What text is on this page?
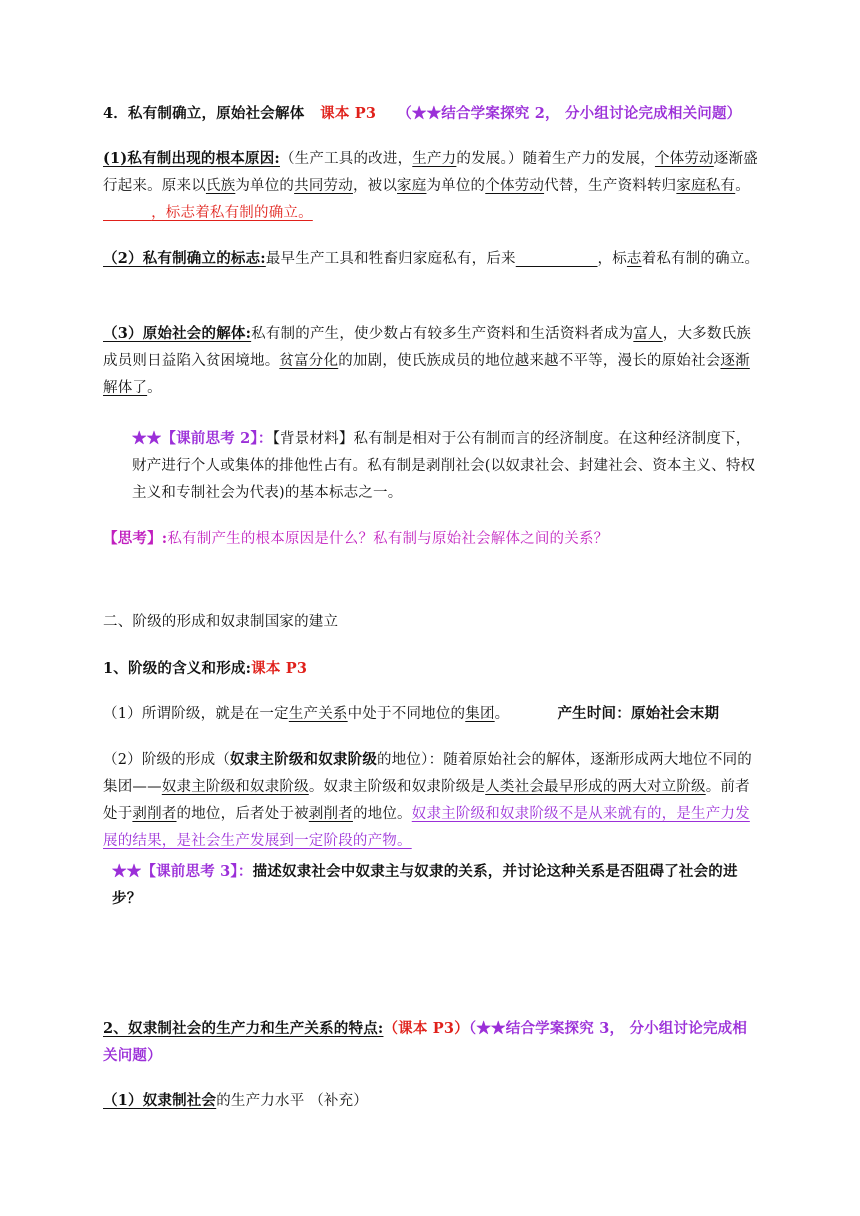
4．私有制确立，原始社会解体 课本 P3 （★★结合学案探究 2， 分小组讨论完成相关问题）
(1)私有制出现的根本原因:（生产工具的改进，生产力的发展。）随着生产力的发展，个体劳动逐渐盛行起来。原来以氏族为单位的共同劳动，被以家庭为单位的个体劳动代替，生产资料转归家庭私有。          ，标志着私有制的确立。
（2）私有制确立的标志:最早生产工具和牲畜归家庭私有，后来	，标志着私有制的确立。
（3）原始社会的解体:私有制的产生，使少数占有较多生产资料和生活资料者成为富人，大多数氏族成员则日益陷入贫困境地。贫富分化的加剧，使氏族成员的地位越来越不平等，漫长的原始社会逐渐解体了。
★★【课前思考 2】：【背景材料】私有制是相对于公有制而言的经济制度。在这种经济制度下，财产进行个人或集体的排他性占有。私有制是剥削社会(以奴隶社会、封建社会、资本主义、特权主义和专制社会为代表)的基本标志之一。
【思考】:私有制产生的根本原因是什么？私有制与原始社会解体之间的关系？
二、阶级的形成和奴隶制国家的建立
1、阶级的含义和形成:课本 P3
（1）所谓阶级，就是在一定生产关系中处于不同地位的集团。	产生时间：原始社会末期
（2）阶级的形成（奴隶主阶级和奴隶阶级的地位）：随着原始社会的解体，逐渐形成两大地位不同的集团——奴隶主阶级和奴隶阶级。奴隶主阶级和奴隶阶级是人类社会最早形成的两大对立阶级。前者处于剥削者的地位，后者处于被剥削者的地位。奴隶主阶级和奴隶阶级不是从来就有的，是生产力发展的结果，是社会生产发展到一定阶段的产物。
★★【课前思考 3】：描述奴隶社会中奴隶主与奴隶的关系，并讨论这种关系是否阻碍了社会的进步？
2、奴隶制社会的生产力和生产关系的特点:（课本 P3）（★★结合学案探究 3， 分小组讨论完成相关问题）
（1）奴隶制社会的生产力水平 （补充）
